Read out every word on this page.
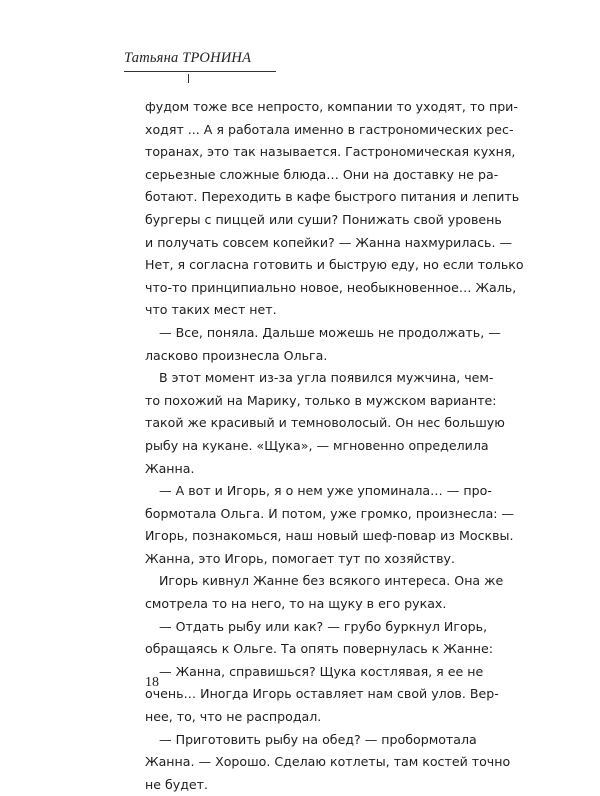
Татьяна ТРОНИНА
фудом тоже все непросто, компании то уходят, то при-
ходят ... А я работала именно в гастрономических рес-
торанах, это так называется. Гастрономическая кухня,
серьезные сложные блюда… Они на доставку не ра-
ботают. Переходить в кафе быстрого питания и лепить
бургеры с пиццей или суши? Понижать свой уровень
и получать совсем копейки? — Жанна нахмурилась. —
Нет, я согласна готовить и быструю еду, но если только
что-то принципиально новое, необыкновенное… Жаль,
что таких мест нет.
— Все, поняла. Дальше можешь не продолжать, —
ласково произнесла Ольга.
В этот момент из-за угла появился мужчина, чем-
то похожий на Марику, только в мужском варианте:
такой же красивый и темноволосый. Он нес большую
рыбу на кукане. «Щука», — мгновенно определила
Жанна.
— А вот и Игорь, я о нем уже упоминала… — про-
бормотала Ольга. И потом, уже громко, произнесла: —
Игорь, познакомься, наш новый шеф-повар из Москвы.
Жанна, это Игорь, помогает тут по хозяйству.
Игорь кивнул Жанне без всякого интереса. Она же
смотрела то на него, то на щуку в его руках.
— Отдать рыбу или как? — грубо буркнул Игорь,
обращаясь к Ольге. Та опять повернулась к Жанне:
— Жанна, справишься? Щука костлявая, я ее не
очень… Иногда Игорь оставляет нам свой улов. Вер-
нее, то, что не распродал.
— Приготовить рыбу на обед? — пробормотала
Жанна. — Хорошо. Сделаю котлеты, там костей точно
не будет.
18
